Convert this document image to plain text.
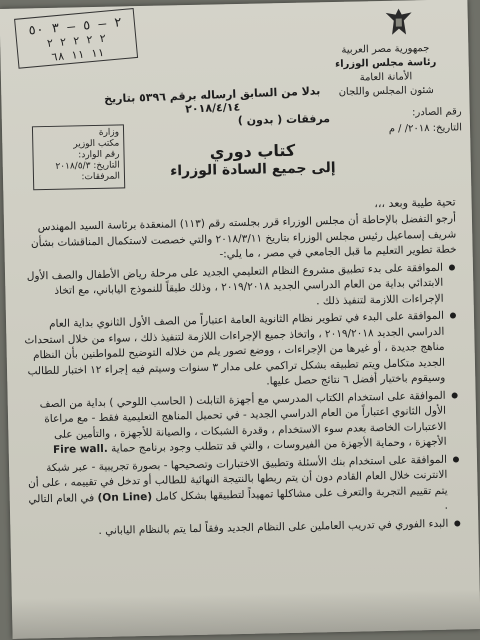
٢ – ٥ – ٣ ٥٠
٢ ٢ ٢ ٢ ٢
١١ ١١ ٦٨	جمهورية مصر العربية
رئاسة مجلس الوزراء
الأمانة العامة
شئون المجلس واللجان
رقم الصادر:
التاريخ: ٢٠١٨/ / م
بدلا من السابق ارساله برقم ٥٣٩٦ بتاريخ ٢٠١٨/٤/١٤
مرفقات ( بدون )
وزارة
مكتب الوزير
رقم الوارد:
التاريخ: ٢٠١٨/٥/٣
المرفقات:
كتاب دوري
إلى جميع السادة الوزراء
تحية طيبة وبعد ،،،

أرجو التفضل بالإحاطة أن مجلس الوزراء قرر بجلسته رقم (١١٣) المنعقدة برئاسة السيد المهندس شريف إسماعيل رئيس مجلس الوزراء بتاريخ ٢٠١٨/٣/١١ والتي خصصت لاستكمال المناقشات بشأن خطة تطوير التعليم ما قبل الجامعي في مصر ، ما يلي:-

الموافقة على بدء تطبيق مشروع النظام التعليمي الجديد على مرحلة رياض الأطفال والصف الأول الابتدائي بداية من العام الدراسي الجديد ٢٠١٩/٢٠١٨ ، وذلك طبقاً للنموذج الياباني، مع اتخاذ الإجراءات اللازمة لتنفيذ ذلك .

الموافقة على البدء في تطوير نظام الثانوية العامة اعتباراً من الصف الأول الثانوي بداية العام الدراسي الجديد ٢٠١٩/٢٠١٨ ، واتخاذ جميع الإجراءات اللازمة لتنفيذ ذلك ، سواء من خلال استحداث مناهج جديدة ، أو غيرها من الإجراءات ، ووضع تصور يلم من خلاله التوضيح للمواطنين بأن النظام الجديد متكامل ويتم تطبيقه بشكل تراكمي على مدار ٣ سنوات وسيتم فيه إجراء ١٢ اختبار للطالب وسيقوم باختيار أفضل ٦ نتائج حصل عليها.

الموافقة على استخدام الكتاب المدرسي مع أجهزة التابلت ( الحاسب اللوحي ) بداية من الصف الأول الثانوي اعتباراً من العام الدراسي الجديد - في تحميل المناهج التعليمية فقط - مع مراعاة الاعتبارات الخاصة بعدم سوء الاستخدام ، وقدرة الشبكات ، والصيانة للأجهزة ، والتأمين على الأجهزة ، وحماية الأجهزة من الفيروسات ، والتي قد تتطلب وجود برنامج حماية Fire wall.

الموافقة على استخدام بنك الأسئلة وتطبيق الاختبارات وتصحيحها - بصورة تجريبية - عبر شبكة الانترنت خلال العام القادم دون أن يتم ربطها بالنتيجة النهائية للطالب أو تدخل في تقييمه ، على أن يتم تقييم التجربة والتعرف على مشاكلها تمهيداً لتطبيقها بشكل كامل (On Line) في العام التالي .

البدء الفوري في تدريب العاملين على النظام الجديد وفقاً لما يتم بالنظام الياباني .
